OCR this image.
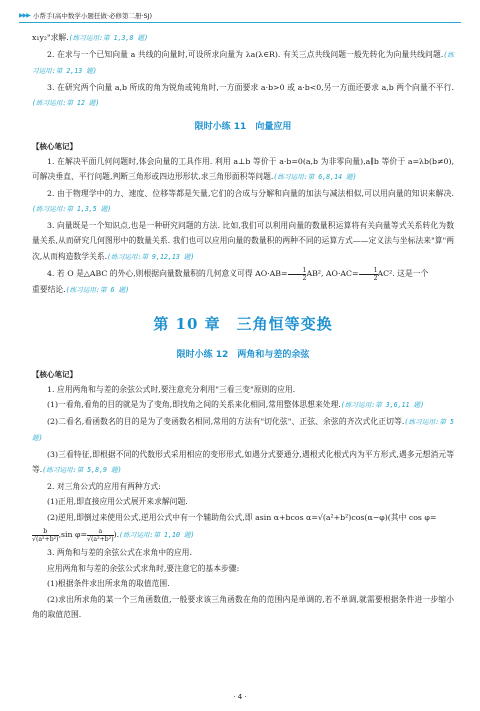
▶▶▶ 小帮手(高中数学小题狂做·必修第二册·SJ)

x₁y₂"求解.(练习运用:第 1,3,8 题)

2. 在求与一个已知向量 a 共线的向量时,可设所求向量为 λa(λ∈R). 有关三点共线问题一般先转化为向量共线问题.(练习运用:第 2,13 题)

3. 在研究两个向量 a,b 所成的角为锐角或钝角时,一方面要求 a·b>0 或 a·b<0,另一方面还要求 a,b 两个向量不平行.(练习运用:第 12 题)

限时小练 11　向量应用
【核心笔记】

1. 在解决平面几何问题时,体会向量的工具作用. 利用 a⊥b 等价于 a·b=0(a,b 为非零向量),a∥b 等价于 a=λb(b≠0),可解决垂直、平行问题,判断三角形或四边形形状,求三角形面积等问题.(练习运用:第 6,8,14 题)

2. 由于物理学中的力、速度、位移等都是矢量,它们的合成与分解和向量的加法与减法相似,可以用向量的知识来解决.(练习运用:第 1,3,5 题)

3. 向量既是一个知识点,也是一种研究问题的方法. 比如,我们可以利用向量的数量积运算将有关向量等式关系转化为数量关系,从而研究几何图形中的数量关系. 我们也可以应用向量的数量积的两种不同的运算方式——定义法与坐标法来"算"两次,从而构造数学关系.(练习运用:第 9,12,13 题)

4. 若 O 是△ABC 的外心,则根据向量数量积的几何意义可得 $AO\cdot AB= \frac{1}{2} AB^2$, $AO\cdot AC= \frac{1}{2} AC^2$. 这是一个

重要结论.(练习运用:第 6 题)

第 10 章　三角恒等变换
限时小练 12　两角和与差的余弦
【核心笔记】

1. 应用两角和与差的余弦公式时,要注意充分利用"三看三变"原则的应用.

(1)一看角,看角的目的就是为了变角,即找角之间的关系来化相同,常用整体思想来处理.(练习运用:第 3,6,11 题)

(2)二看名,看函数名的目的是为了变函数名相同,常用的方法有"切化弦"、正弦、余弦的齐次式化正切等.(练习运用:第 5 题)

(3)三看特征,即根据不同的代数形式采用相应的变形形式,如遇分式要通分,遇根式化根式内为平方形式,遇多元想消元等等.(练习运用:第 5,8,9 题)

2. 对三角公式的应用有两种方式:

(1)正用,即直接应用公式展开来求解问题.

(2)逆用,即倒过来使用公式,逆用公式中有一个辅助角公式,即 asin α+bcos α=√(a²+b²)cos(α−φ)(其中 cos φ=

$\frac{b}{\text{√(a²+b²)}} ,\sin$ $\varphi= \frac{a}{\text{√(a²+b²)}}$ ).(练习运用:第 1,10 题)

3. 两角和与差的余弦公式在求角中的应用.

应用两角和与差的余弦公式求角时,要注意它的基本步骤:

(1)根据条件求出所求角的取值范围.

(2)求出所求角的某一个三角函数值,一般要求该三角函数在角的范围内是单调的,若不单调,就需要根据条件进一步缩小角的取值范围.

· 4 ·
